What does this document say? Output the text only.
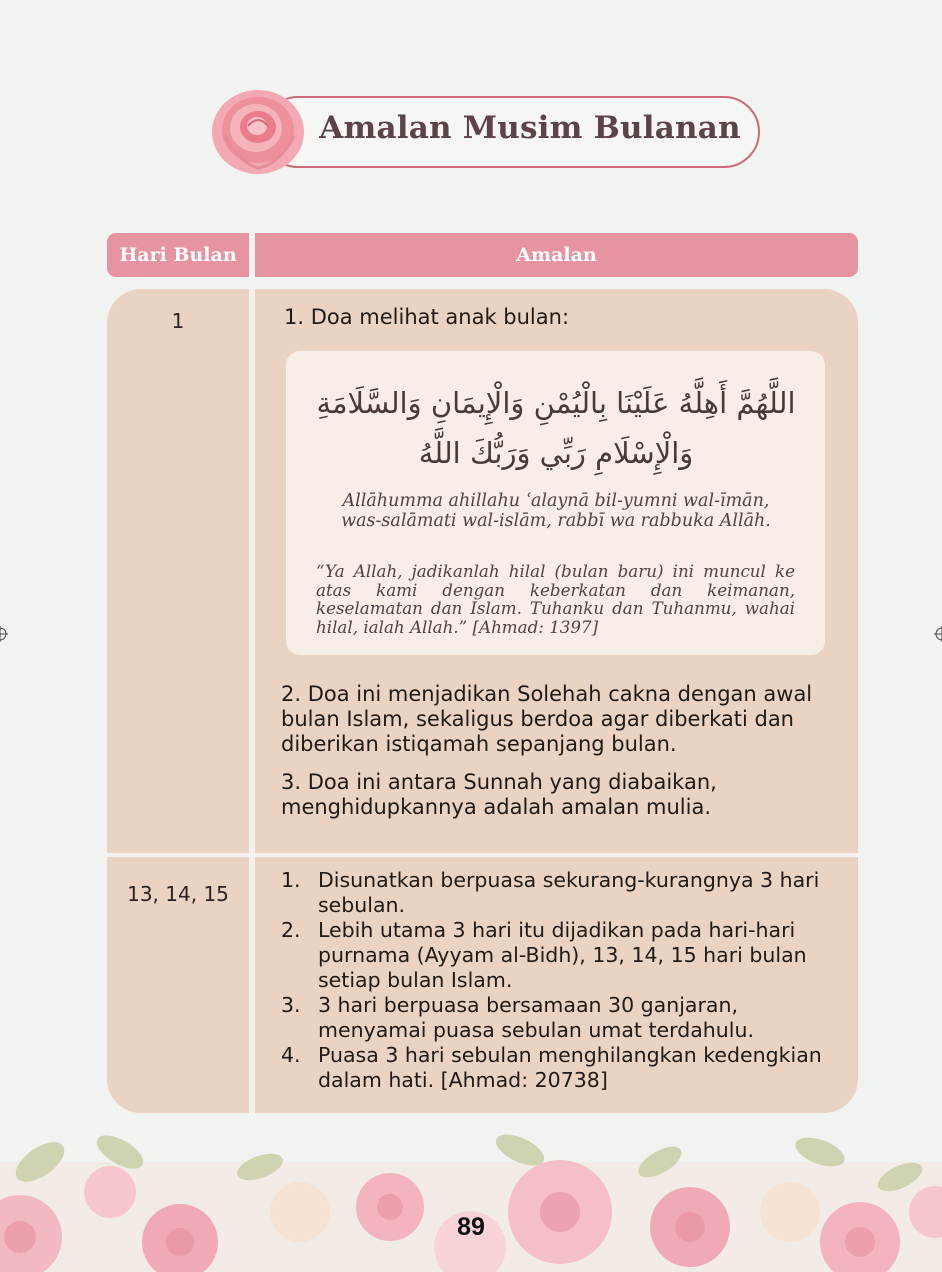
Amalan Musim Bulanan
Hari Bulan	Amalan
1	1. Doa melihat anak bulan:
اللَّهُمَّ أَهِلَّهُ عَلَيْنَا بِالْيُمْنِ وَالْإِيمَانِ وَالسَّلَامَةِ
وَالْإِسْلَامِ رَبِّي وَرَبُّكَ اللَّهُ
Allāhumma ahillahu ʿalaynā bil-yumni wal-īmān,
was-salāmati wal-islām, rabbī wa rabbuka Allāh.
“Ya Allah, jadikanlah hilal (bulan baru) ini muncul ke atas kami dengan keberkatan dan keimanan, keselamatan dan Islam. Tuhanku dan Tuhanmu, wahai hilal, ialah Allah.” [Ahmad: 1397]
2. Doa ini menjadikan Solehah cakna dengan awal bulan Islam, sekaligus berdoa agar diberkati dan diberikan istiqamah sepanjang bulan.
3. Doa ini antara Sunnah yang diabaikan, menghidupkannya adalah amalan mulia.
13, 14, 15
1. Disunatkan berpuasa sekurang-kurangnya 3 hari sebulan.
2. Lebih utama 3 hari itu dijadikan pada hari-hari purnama (Ayyam al-Bidh), 13, 14, 15 hari bulan setiap bulan Islam.
3. 3 hari berpuasa bersamaan 30 ganjaran, menyamai puasa sebulan umat terdahulu.
4. Puasa 3 hari sebulan menghilangkan kedengkian dalam hati. [Ahmad: 20738]
89
